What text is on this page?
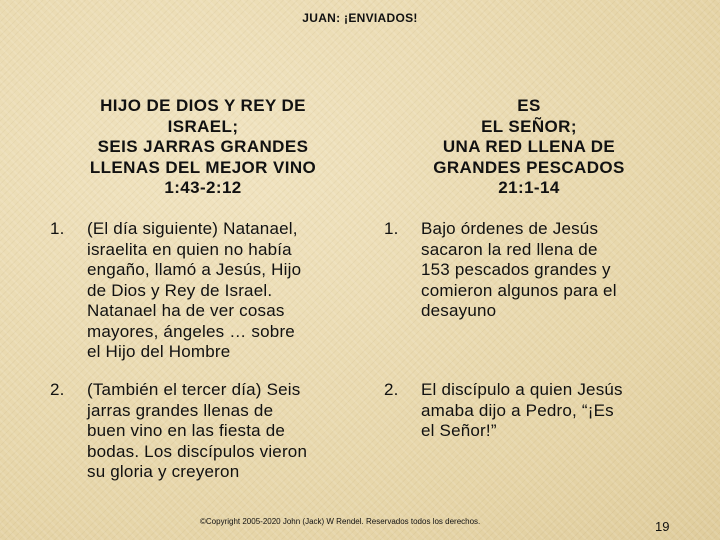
JUAN: ¡ENVIADOS!
HIJO DE DIOS Y REY DE
ISRAEL;
SEIS JARRAS GRANDES
LLENAS DEL MEJOR VINO
1:43-2:12
ES
EL SEÑOR;
UNA RED LLENA DE
GRANDES PESCADOS
21:1-14
1. (El día siguiente) Natanael,
israelita en quien no había
engaño, llamó a Jesús, Hijo
de Dios y Rey de Israel.
Natanael ha de ver cosas
mayores, ángeles … sobre
el Hijo del Hombre
2. (También el tercer día) Seis
jarras grandes llenas de
buen vino en las fiesta de
bodas. Los discípulos vieron
su gloria y creyeron
1. Bajo órdenes de Jesús
sacaron la red llena de
153 pescados grandes y
comieron algunos para el
desayuno
2. El discípulo a quien Jesús
amaba dijo a Pedro, “¡Es
el Señor!”
©Copyright 2005-2020 John (Jack) W Rendel. Reservados todos los derechos.	19
